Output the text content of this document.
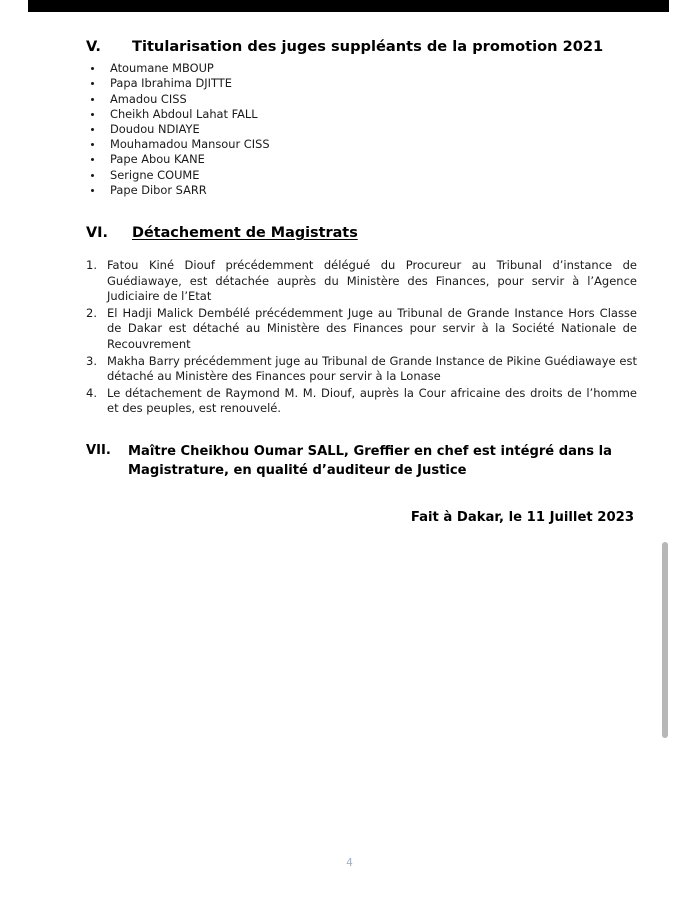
V.	Titularisation des juges suppléants de la promotion 2021
Atoumane MBOUP
Papa Ibrahima DJITTE
Amadou CISS
Cheikh Abdoul Lahat FALL
Doudou NDIAYE
Mouhamadou Mansour CISS
Pape Abou KANE
Serigne COUME
Pape Dibor SARR
VI.	Détachement de Magistrats
1. Fatou Kiné Diouf précédemment délégué du Procureur au Tribunal d’instance de Guédiawaye, est détachée auprès du Ministère des Finances, pour servir à l’Agence Judiciaire de l’Etat
2. El Hadji Malick Dembélé précédemment Juge au Tribunal de Grande Instance Hors Classe de Dakar est détaché au Ministère des Finances pour servir à la Société Nationale de Recouvrement
3. Makha Barry précédemment juge au Tribunal de Grande Instance de Pikine Guédiawaye est détaché au Ministère des Finances pour servir à la Lonase
4. Le détachement de Raymond M. M. Diouf, auprès la Cour africaine des droits de l’homme et des peuples, est renouvelé.
VII.	Maître Cheikhou Oumar SALL, Greffier en chef est intégré dans la Magistrature, en qualité d’auditeur de Justice
Fait à Dakar, le 11 Juillet 2023
4
